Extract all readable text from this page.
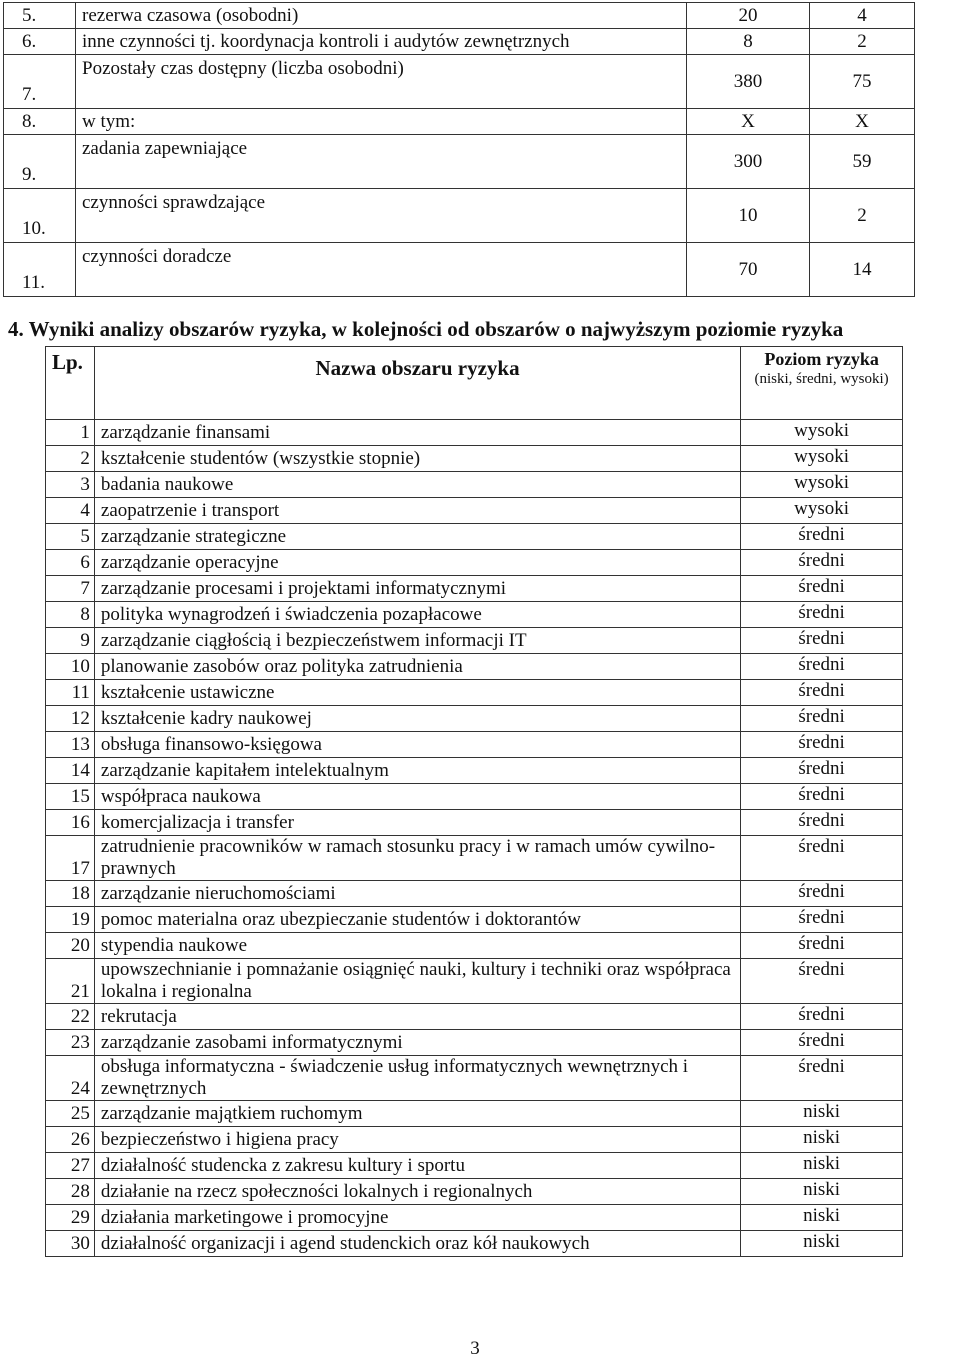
5.	rezerwa czasowa (osobodni)	20	4
6.	inne czynności tj. koordynacja kontroli i audytów zewnętrznych	8	2
7.	Pozostały czas dostępny (liczba osobodni)	380	75
8.	w tym:	X	X
9.	zadania zapewniające	300	59
10.	czynności sprawdzające	10	2
11.	czynności doradcze	70	14
4. Wyniki analizy obszarów ryzyka, w kolejności od obszarów o najwyższym poziomie ryzyka
Lp.	Nazwa obszaru ryzyka	Poziom ryzyka
(niski, średni, wysoki)

1	zarządzanie finansami	wysoki
2	kształcenie studentów (wszystkie stopnie)	wysoki
3	badania naukowe	wysoki
4	zaopatrzenie i transport	wysoki
5	zarządzanie strategiczne	średni
6	zarządzanie operacyjne	średni
7	zarządzanie procesami i projektami informatycznymi	średni
8	polityka wynagrodzeń i świadczenia pozapłacowe	średni
9	zarządzanie ciągłością i bezpieczeństwem informacji IT	średni
10	planowanie zasobów oraz polityka zatrudnienia	średni
11	kształcenie ustawiczne	średni
12	kształcenie kadry naukowej	średni
13	obsługa finansowo-księgowa	średni
14	zarządzanie kapitałem intelektualnym	średni
15	współpraca naukowa	średni
16	komercjalizacja i transfer	średni
17	zatrudnienie pracowników w ramach stosunku pracy i w ramach umów cywilno-prawnych	średni
18	zarządzanie nieruchomościami	średni
19	pomoc materialna oraz ubezpieczanie studentów i doktorantów	średni
20	stypendia naukowe	średni
21	upowszechnianie i pomnażanie osiągnięć nauki, kultury i techniki oraz współpraca lokalna i regionalna	średni
22	rekrutacja	średni
23	zarządzanie zasobami informatycznymi	średni
24	obsługa informatyczna - świadczenie usług informatycznych wewnętrznych i zewnętrznych	średni
25	zarządzanie majątkiem ruchomym	niski
26	bezpieczeństwo i higiena pracy	niski
27	działalność studencka z zakresu kultury i sportu	niski
28	działanie na rzecz społeczności lokalnych i regionalnych	niski
29	działania marketingowe i promocyjne	niski
30	działalność organizacji i agend studenckich oraz kół naukowych	niski
3
